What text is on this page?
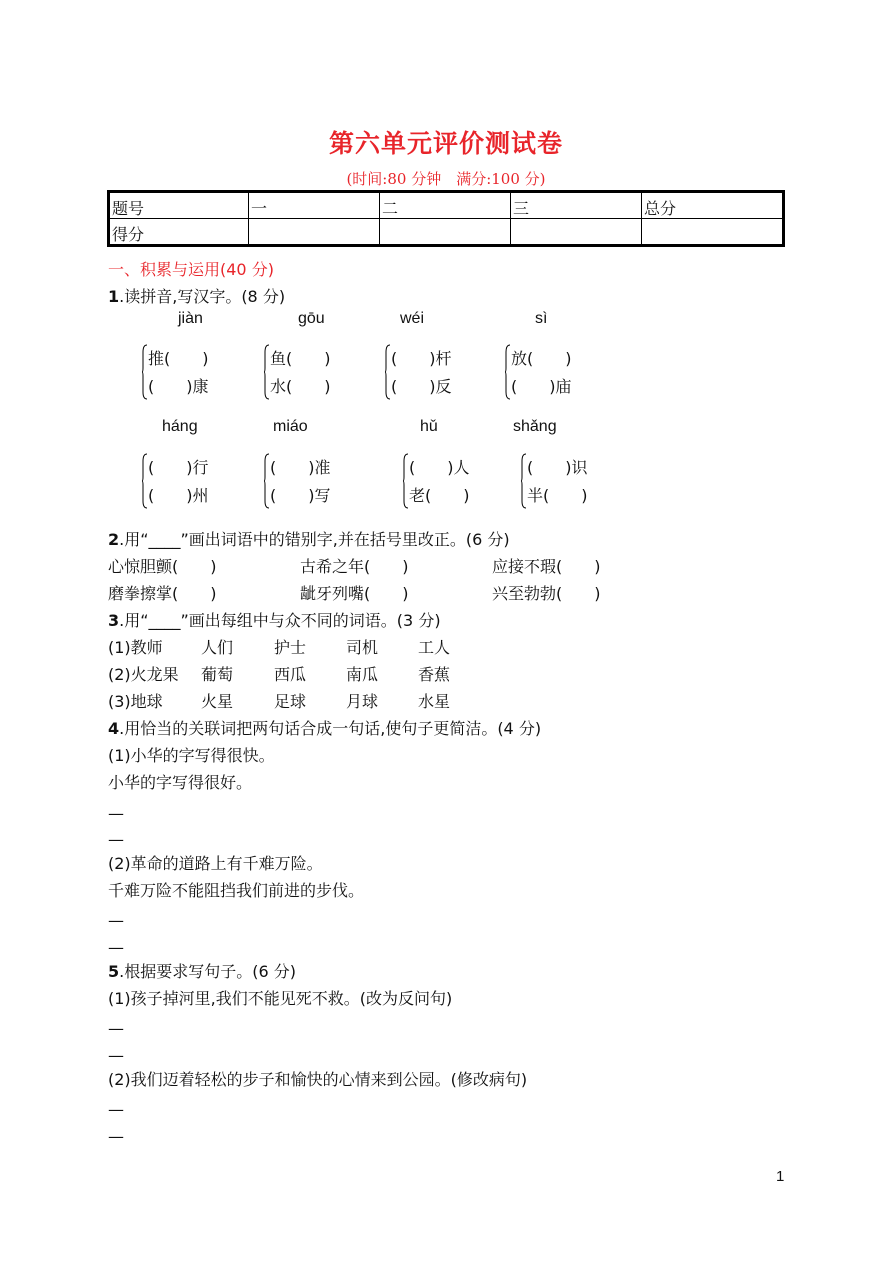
第六单元评价测试卷
(时间:80 分钟　满分:100 分)
题号	一	二	三	总分
得分				
一、积累与运用(40 分)
1.读拼音,写汉字。(8 分)
jiàn	gōu	wéi	sì
推(　　)
(　　)康
鱼(　　)
水(　　)
(　　)杆
(　　)反
放(　　)
(　　)庙
háng	miáo	hǔ	shǎng
(　　)行
(　　)州
(　　)准
(　　)写
(　　)人
老(　　)
(　　)识
半(　　)
2.用“____”画出词语中的错别字,并在括号里改正。(6 分)
心惊胆颤(　　)	古希之年(　　)	应接不瑕(　　)
磨拳擦掌(　　)	龇牙列嘴(　　)	兴至勃勃(　　)
3.用“____”画出每组中与众不同的词语。(3 分)
(1)教师 人们	护士 司机 工人
(2)火龙果 葡萄	西瓜 南瓜 香蕉
(3)地球 火星	足球 月球 水星
4.用恰当的关联词把两句话合成一句话,使句子更简洁。(4 分)
(1)小华的字写得很快。
小华的字写得很好。
—
—
(2)革命的道路上有千难万险。
千难万险不能阻挡我们前进的步伐。
—
—
5.根据要求写句子。(6 分)
(1)孩子掉河里,我们不能见死不救。(改为反问句)
—
—
(2)我们迈着轻松的步子和愉快的心情来到公园。(修改病句)
—
—
1
